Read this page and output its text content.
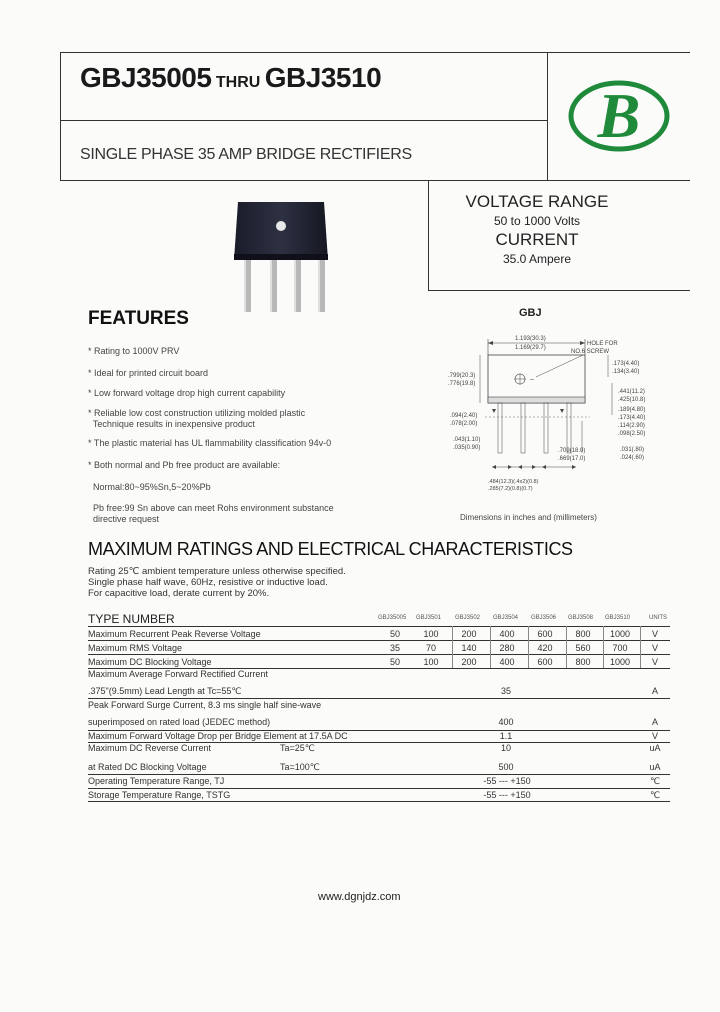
GBJ35005 THRU GBJ3510
SINGLE PHASE 35 AMP BRIDGE RECTIFIERS
B
VOLTAGE RANGE
50 to 1000 Volts
CURRENT
35.0 Ampere
FEATURES
* Rating to 1000V PRV
* Ideal for printed circuit board
* Low forward voltage drop high current capability
* Reliable low cost construction utilizing molded plastic
Technique results in inexpensive product
* The plastic material has UL flammability classification 94v-0
* Both normal and Pb free product are available:
Normal:80~95%Sn,5~20%Pb
Pb free:99 Sn above can meet Rohs environment substance
directive request
GBJ
1.193(30.3)
1.169(29.7)
HOLE FOR
NO.6 SCREW
~
.799(20.3)
.776(19.8)
.094(2.40)
.078(2.00)
.043(1.10)
.035(0.90)
.173(4.40)
.134(3.40)
.441(11.2)
.425(10.8)
.189(4.80)
.173(4.40)
.114(2.90)
.098(2.50)
.031(.80)
.024(.60)
.709(18.0)
.669(17.0)
.484(12.3)(.4x2)(0.8)
.285(7.2)(0.8)(0.7)
Dimensions in inches and (millimeters)
MAXIMUM RATINGS AND ELECTRICAL CHARACTERISTICS
Rating 25℃ ambient temperature unless otherwise specified.
Single phase half wave, 60Hz, resistive or inductive load.
For capacitive load, derate current by 20%.
TYPE NUMBER	GBJ35005 GBJ3501 GBJ3502 GBJ3504 GBJ3506 GBJ3508 GBJ3510	UNITS
Maximum Recurrent Peak Reverse Voltage	50	100	200	400	600	800	1000	V
Maximum RMS Voltage	35	70	140	280	420	560	700	V
Maximum DC Blocking Voltage	50	100	200	400	600	800	1000	V
Maximum Average Forward Rectified Current
.375"(9.5mm) Lead Length at Tc=55℃	35	A
Peak Forward Surge Current, 8.3 ms single half sine-wave
superimposed on rated load (JEDEC method)	400	A
Maximum Forward Voltage Drop per Bridge Element at 17.5A DC	1.1	V
Maximum DC Reverse Current	Ta=25℃	10	uA
at Rated DC Blocking Voltage	Ta=100℃	500	uA
Operating Temperature Range, TJ	-55 --- +150	℃
Storage Temperature Range, TSTG	-55 --- +150	℃
www.dgnjdz.com
